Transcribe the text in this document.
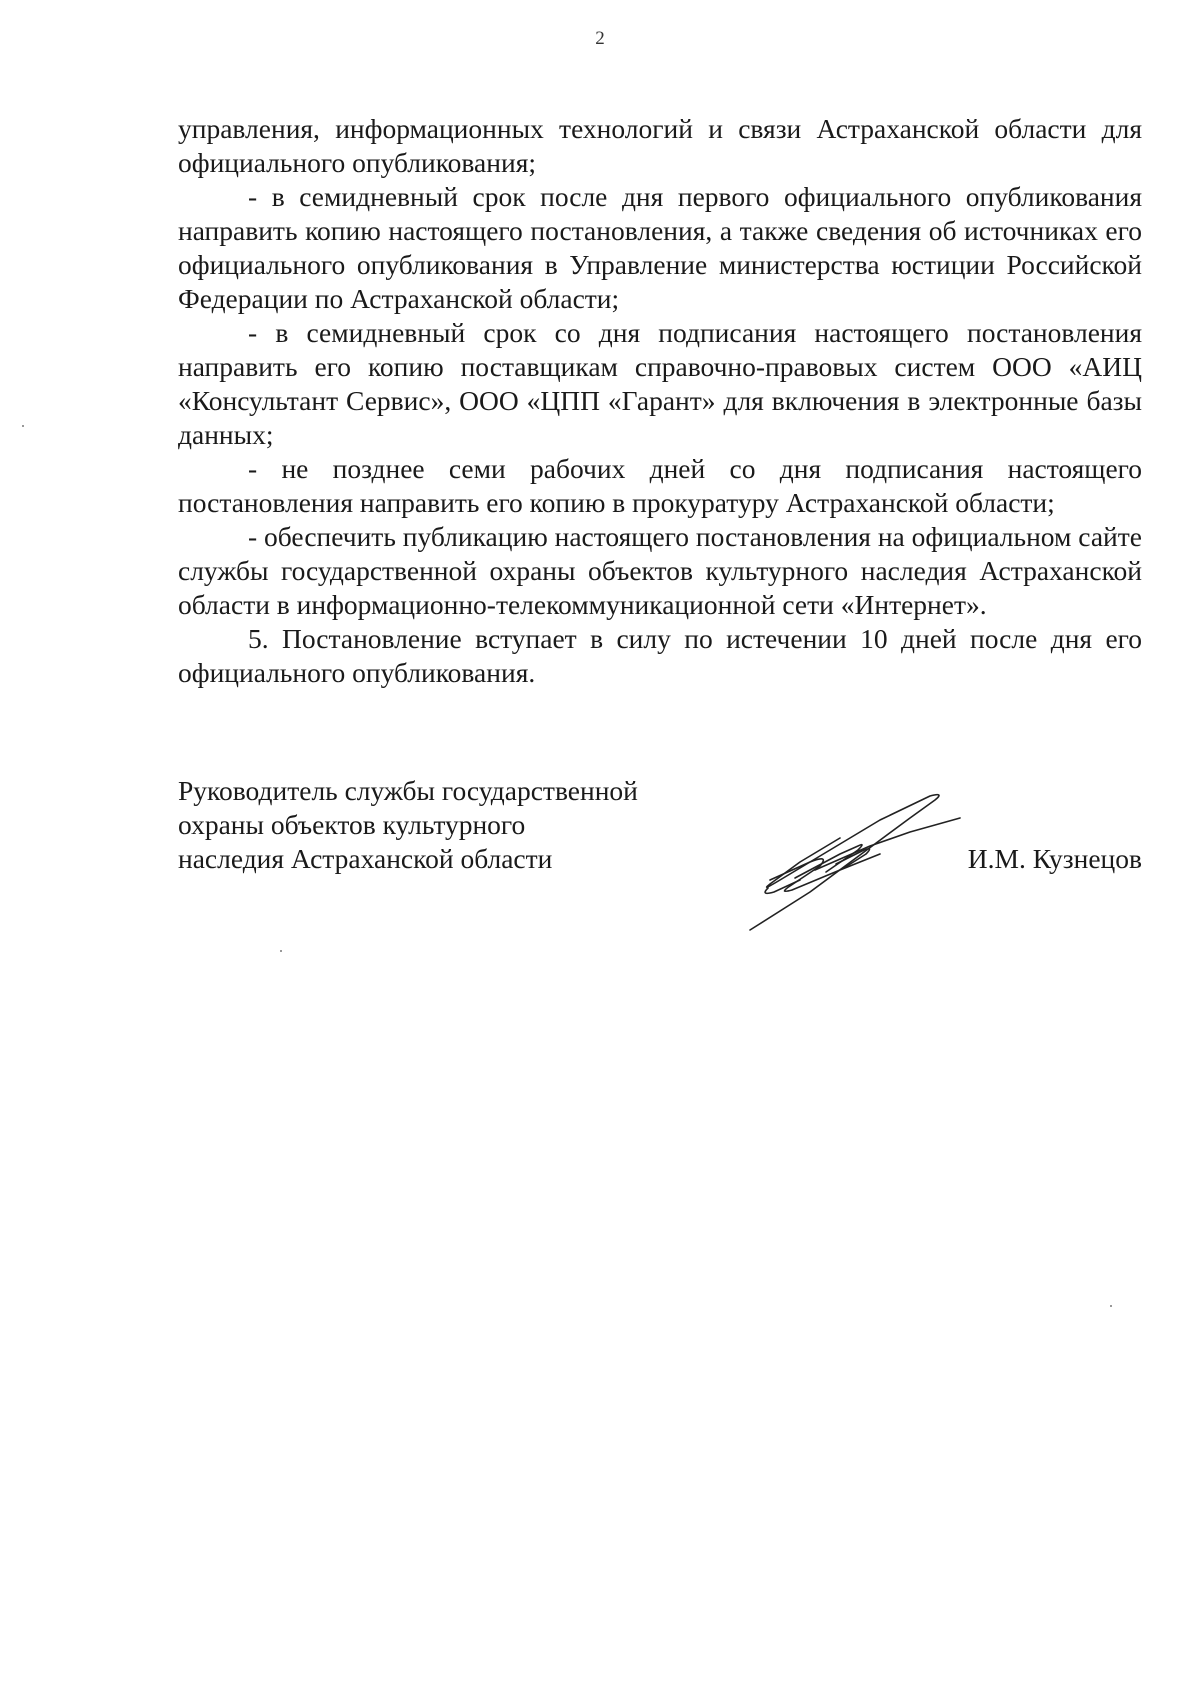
2

управления, информационных технологий и связи Астраханской области для официального опубликования;

- в семидневный срок после дня первого официального опубликования направить копию настоящего постановления, а также сведения об источниках его официального опубликования в Управление министерства юстиции Российской Федерации по Астраханской области;

- в семидневный срок со дня подписания настоящего постановления направить его копию поставщикам справочно-правовых систем ООО «АИЦ «Консультант Сервис», ООО «ЦПП «Гарант» для включения в электронные базы данных;

- не позднее семи рабочих дней со дня подписания настоящего постановления направить его копию в прокуратуру Астраханской области;

- обеспечить публикацию настоящего постановления на официальном сайте службы государственной охраны объектов культурного наследия Астраханской области в информационно-телекоммуникационной сети «Интернет».

5. Постановление вступает в силу по истечении 10 дней после дня его официального опубликования.

Руководитель службы государственной
охраны объектов культурного
наследия Астраханской области	И.М. Кузнецов
